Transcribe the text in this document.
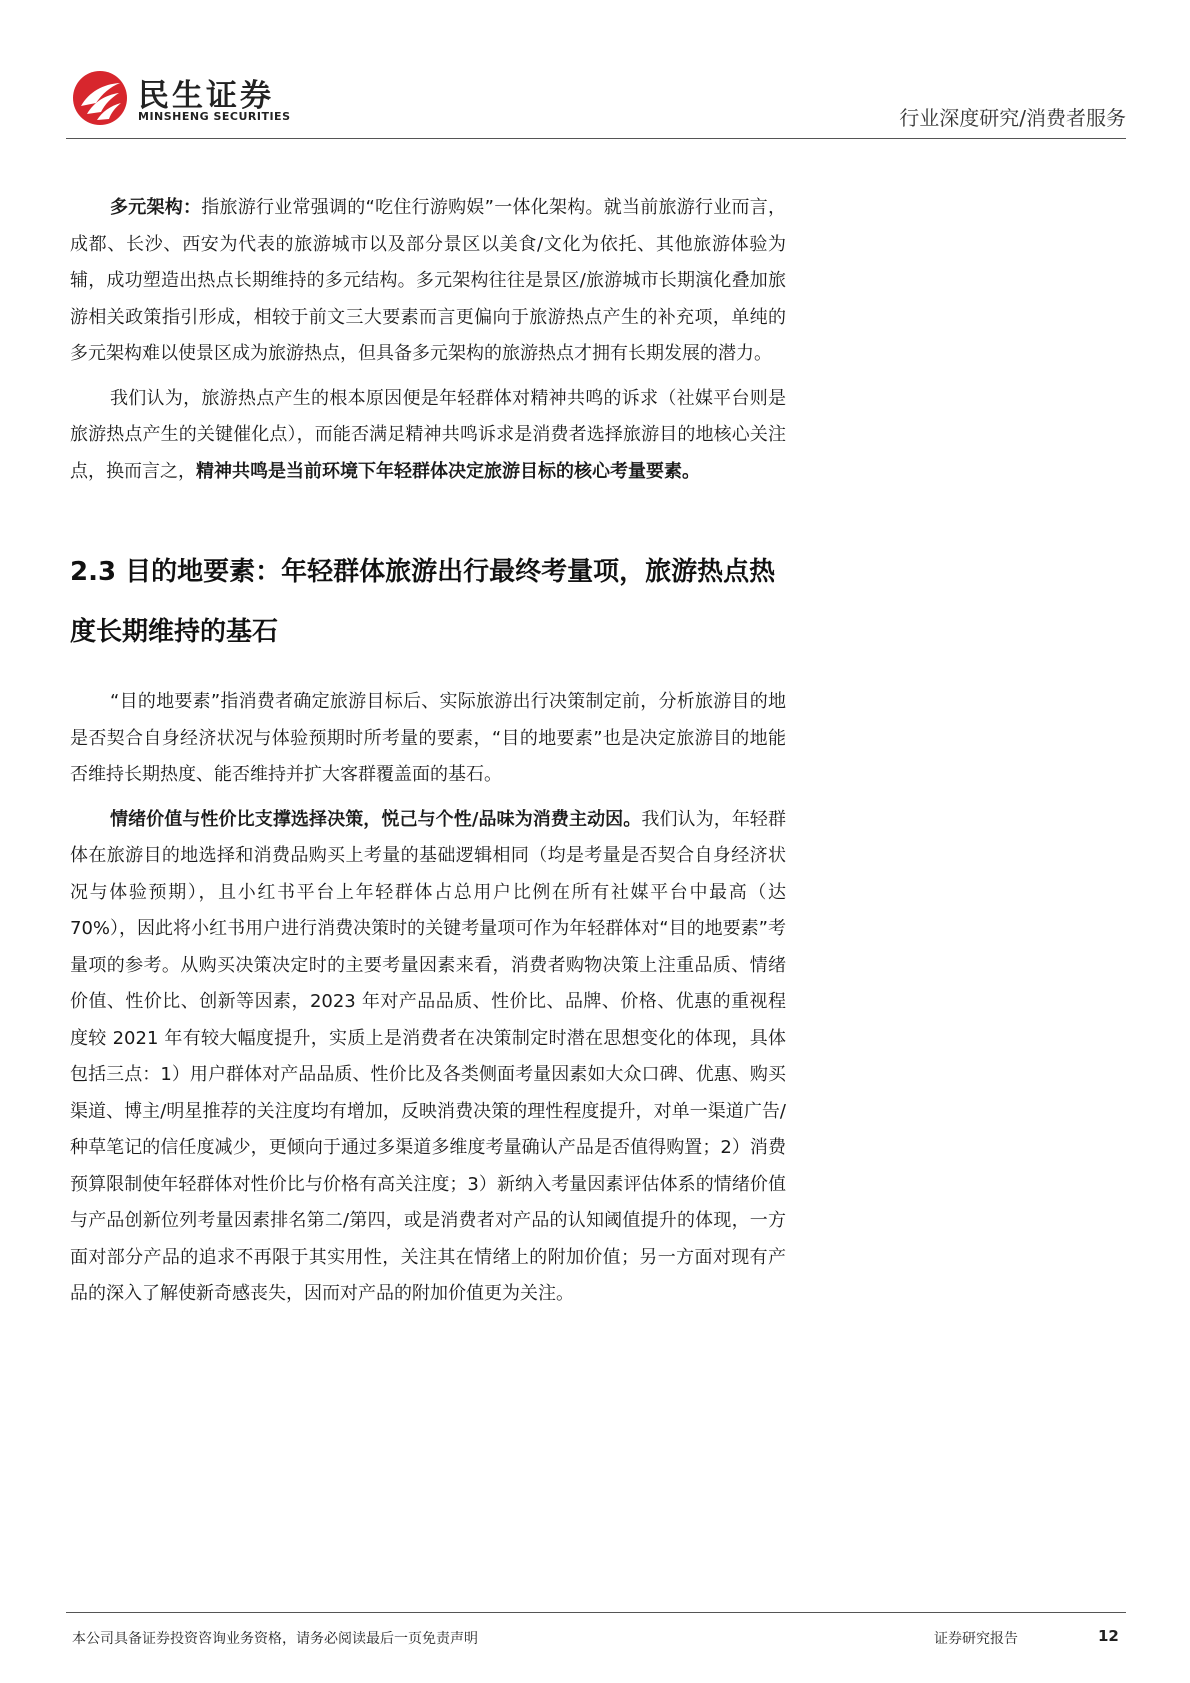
民生证券
MINSHENG SECURITIES	行业深度研究/消费者服务

多元架构：指旅游行业常强调的“吃住行游购娱”一体化架构。就当前旅游行业而言，成都、长沙、西安为代表的旅游城市以及部分景区以美食/文化为依托、其他旅游体验为辅，成功塑造出热点长期维持的多元结构。多元架构往往是景区/旅游城市长期演化叠加旅游相关政策指引形成，相较于前文三大要素而言更偏向于旅游热点产生的补充项，单纯的多元架构难以使景区成为旅游热点，但具备多元架构的旅游热点才拥有长期发展的潜力。

我们认为，旅游热点产生的根本原因便是年轻群体对精神共鸣的诉求（社媒平台则是旅游热点产生的关键催化点），而能否满足精神共鸣诉求是消费者选择旅游目的地核心关注点，换而言之，精神共鸣是当前环境下年轻群体决定旅游目标的核心考量要素。

2.3 目的地要素：年轻群体旅游出行最终考量项，旅游热点热度长期维持的基石

“目的地要素”指消费者确定旅游目标后、实际旅游出行决策制定前，分析旅游目的地是否契合自身经济状况与体验预期时所考量的要素，“目的地要素”也是决定旅游目的地能否维持长期热度、能否维持并扩大客群覆盖面的基石。

情绪价值与性价比支撑选择决策，悦己与个性/品味为消费主动因。我们认为，年轻群体在旅游目的地选择和消费品购买上考量的基础逻辑相同（均是考量是否契合自身经济状况与体验预期），且小红书平台上年轻群体占总用户比例在所有社媒平台中最高（达 70%），因此将小红书用户进行消费决策时的关键考量项可作为年轻群体对“目的地要素”考量项的参考。从购买决策决定时的主要考量因素来看，消费者购物决策上注重品质、情绪价值、性价比、创新等因素，2023 年对产品品质、性价比、品牌、价格、优惠的重视程度较 2021 年有较大幅度提升，实质上是消费者在决策制定时潜在思想变化的体现，具体包括三点：1）用户群体对产品品质、性价比及各类侧面考量因素如大众口碑、优惠、购买渠道、博主/明星推荐的关注度均有增加，反映消费决策的理性程度提升，对单一渠道广告/种草笔记的信任度减少，更倾向于通过多渠道多维度考量确认产品是否值得购置；2）消费预算限制使年轻群体对性价比与价格有高关注度；3）新纳入考量因素评估体系的情绪价值与产品创新位列考量因素排名第二/第四，或是消费者对产品的认知阈值提升的体现，一方面对部分产品的追求不再限于其实用性，关注其在情绪上的附加价值；另一方面对现有产品的深入了解使新奇感丧失，因而对产品的附加价值更为关注。

本公司具备证券投资咨询业务资格，请务必阅读最后一页免责声明	证券研究报告	12
